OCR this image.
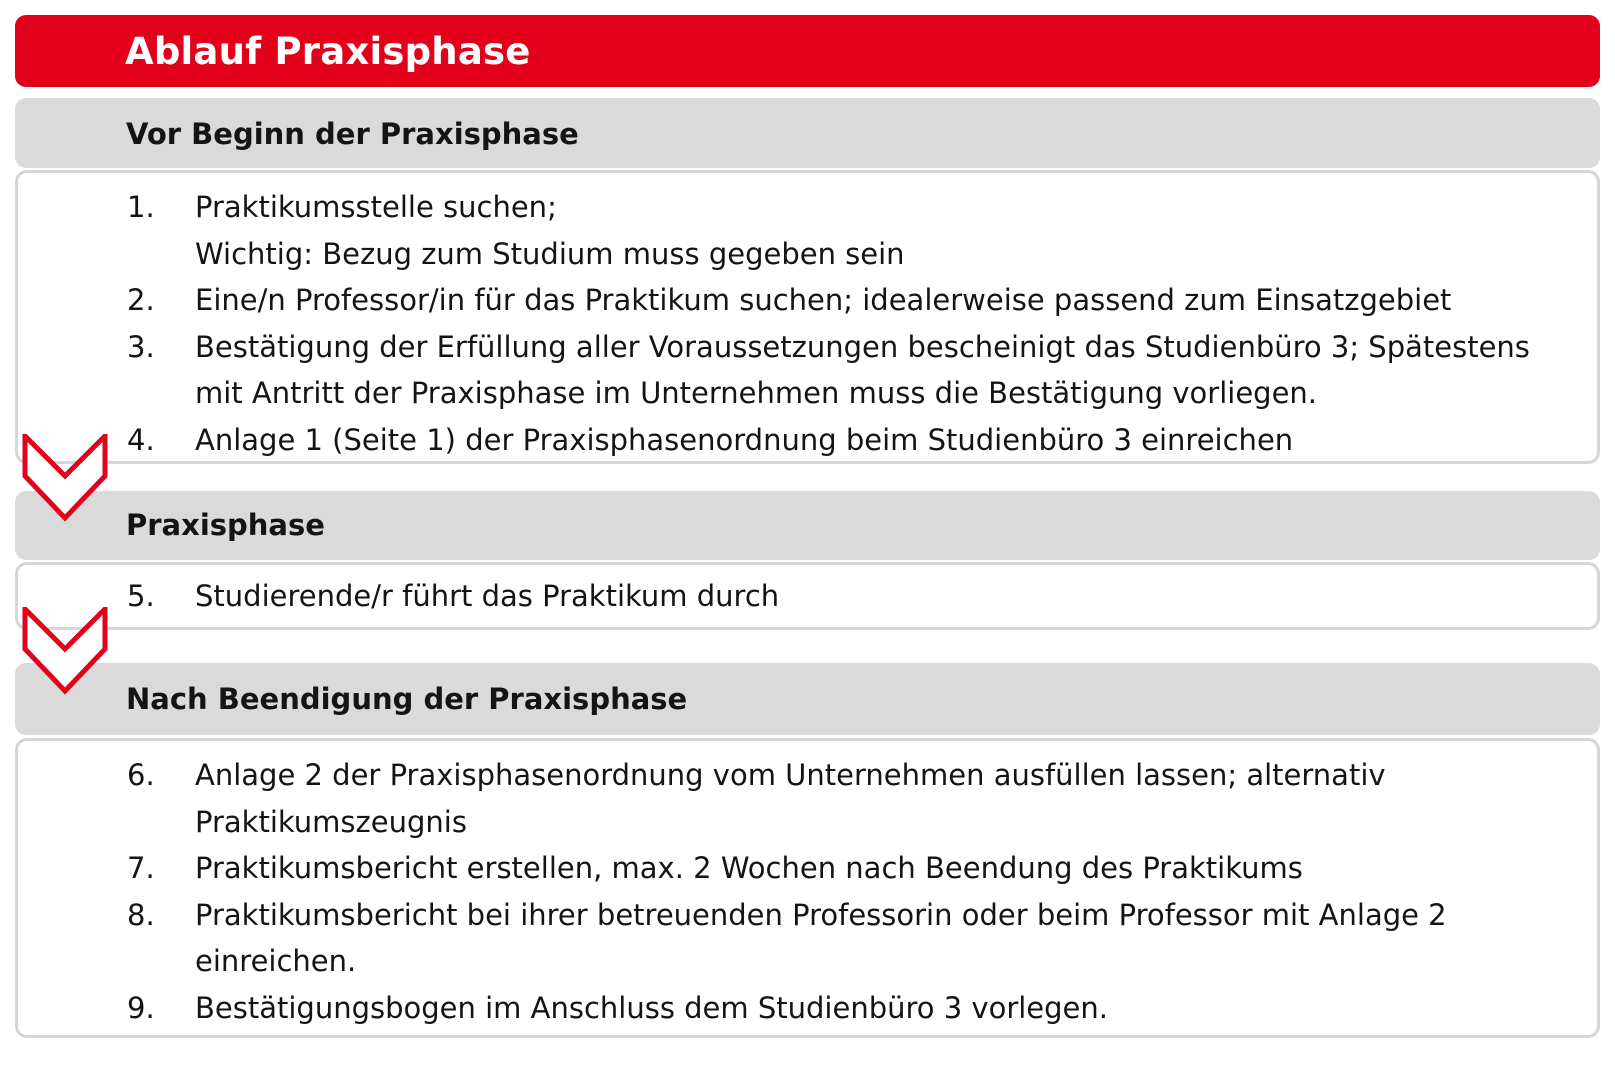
Ablauf Praxisphase
Vor Beginn der Praxisphase
1. Praktikumsstelle suchen;
Wichtig: Bezug zum Studium muss gegeben sein
2. Eine/n Professor/in für das Praktikum suchen; idealerweise passend zum Einsatzgebiet
3. Bestätigung der Erfüllung aller Voraussetzungen bescheinigt das Studienbüro 3; Spätestens
mit Antritt der Praxisphase im Unternehmen muss die Bestätigung vorliegen.
4. Anlage 1 (Seite 1) der Praxisphasenordnung beim Studienbüro 3 einreichen
Praxisphase
5. Studierende/r führt das Praktikum durch
Nach Beendigung der Praxisphase
6. Anlage 2 der Praxisphasenordnung vom Unternehmen ausfüllen lassen; alternativ
Praktikumszeugnis
7. Praktikumsbericht erstellen, max. 2 Wochen nach Beendung des Praktikums
8. Praktikumsbericht bei ihrer betreuenden Professorin oder beim Professor mit Anlage 2
einreichen.
9. Bestätigungsbogen im Anschluss dem Studienbüro 3 vorlegen.
